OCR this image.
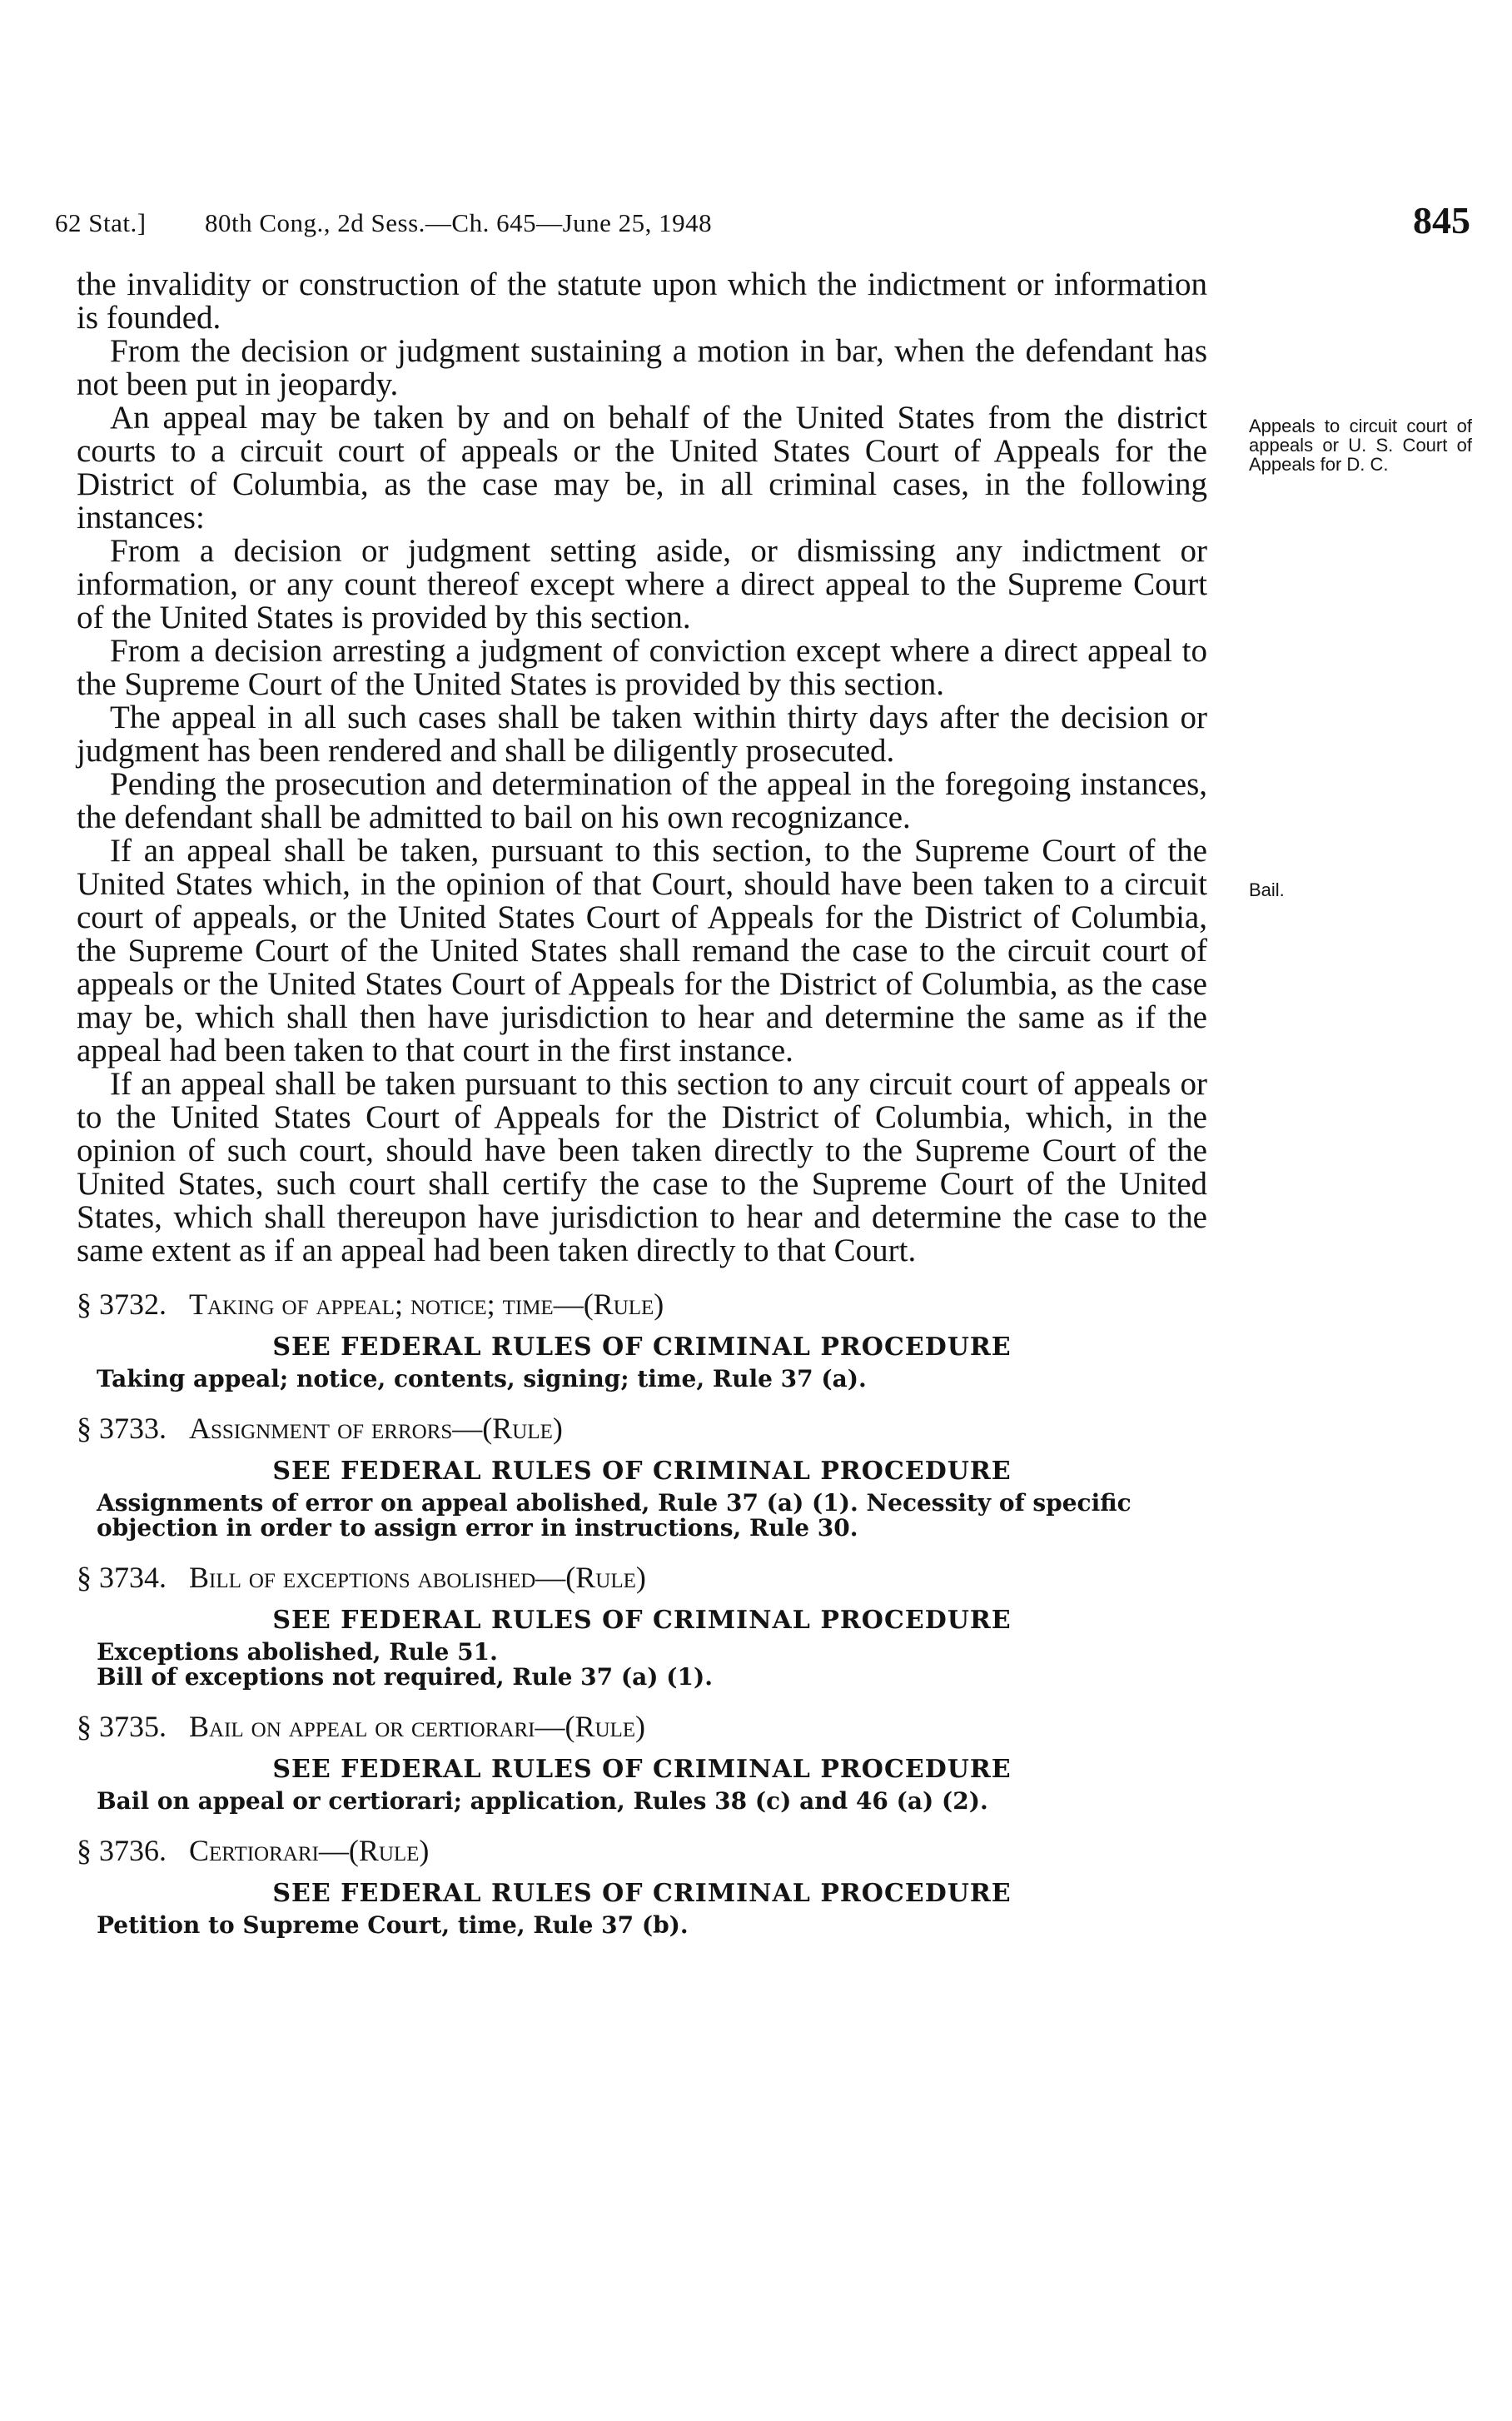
62 Stat.] 80th Cong., 2d Sess.—Ch. 645—June 25, 1948	845
Appeals to circuit court of appeals or U. S. Court of Appeals for D. C.
Bail.

the invalidity or construction of the statute upon which the indictment or information is founded.

From the decision or judgment sustaining a motion in bar, when the defendant has not been put in jeopardy.

An appeal may be taken by and on behalf of the United States from the district courts to a circuit court of appeals or the United States Court of Appeals for the District of Columbia, as the case may be, in all criminal cases, in the following instances:

From a decision or judgment setting aside, or dismissing any indictment or information, or any count thereof except where a direct appeal to the Supreme Court of the United States is provided by this section.

From a decision arresting a judgment of conviction except where a direct appeal to the Supreme Court of the United States is provided by this section.

The appeal in all such cases shall be taken within thirty days after the decision or judgment has been rendered and shall be diligently prosecuted.

Pending the prosecution and determination of the appeal in the foregoing instances, the defendant shall be admitted to bail on his own recognizance.

If an appeal shall be taken, pursuant to this section, to the Supreme Court of the United States which, in the opinion of that Court, should have been taken to a circuit court of appeals, or the United States Court of Appeals for the District of Columbia, the Supreme Court of the United States shall remand the case to the circuit court of appeals or the United States Court of Appeals for the District of Columbia, as the case may be, which shall then have jurisdiction to hear and determine the same as if the appeal had been taken to that court in the first instance.

If an appeal shall be taken pursuant to this section to any circuit court of appeals or to the United States Court of Appeals for the District of Columbia, which, in the opinion of such court, should have been taken directly to the Supreme Court of the United States, such court shall certify the case to the Supreme Court of the United States, which shall thereupon have jurisdiction to hear and determine the case to the same extent as if an appeal had been taken directly to that Court.

§ 3732. Taking of appeal; notice; time—(Rule)

SEE FEDERAL RULES OF CRIMINAL PROCEDURE

Taking appeal; notice, contents, signing; time, Rule 37 (a).

§ 3733. Assignment of errors—(Rule)

SEE FEDERAL RULES OF CRIMINAL PROCEDURE

Assignments of error on appeal abolished, Rule 37 (a) (1). Necessity of specific objection in order to assign error in instructions, Rule 30.

§ 3734. Bill of exceptions abolished—(Rule)

SEE FEDERAL RULES OF CRIMINAL PROCEDURE

Exceptions abolished, Rule 51.

Bill of exceptions not required, Rule 37 (a) (1).

§ 3735. Bail on appeal or certiorari—(Rule)

SEE FEDERAL RULES OF CRIMINAL PROCEDURE

Bail on appeal or certiorari; application, Rules 38 (c) and 46 (a) (2).

§ 3736. Certiorari—(Rule)

SEE FEDERAL RULES OF CRIMINAL PROCEDURE

Petition to Supreme Court, time, Rule 37 (b).
